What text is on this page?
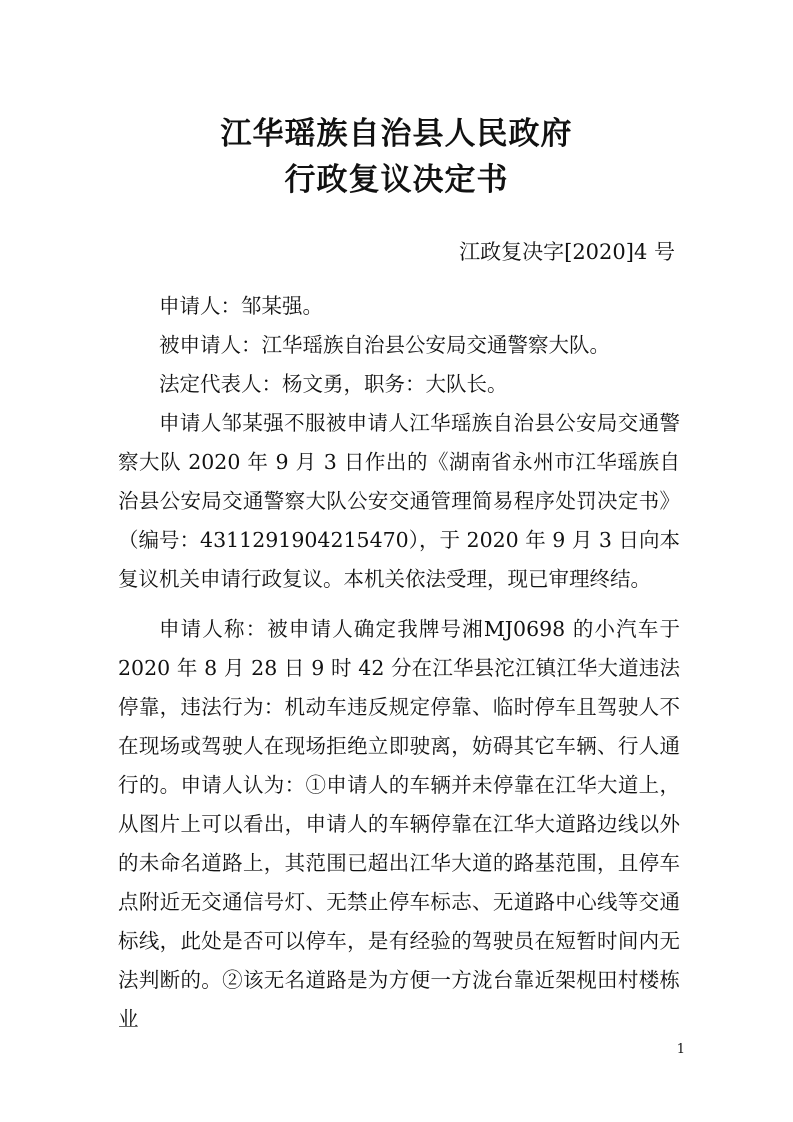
江华瑶族自治县人民政府
行政复议决定书

江政复决字[2020]4 号

申请人：邹某强。

被申请人：江华瑶族自治县公安局交通警察大队。

法定代表人：杨文勇，职务：大队长。

申请人邹某强不服被申请人江华瑶族自治县公安局交通警察大队 2020 年 9 月 3 日作出的《湖南省永州市江华瑶族自治县公安局交通警察大队公安交通管理简易程序处罚决定书》（编号：4311291904215470），于 2020 年 9 月 3 日向本复议机关申请行政复议。本机关依法受理，现已审理终结。

申请人称：被申请人确定我牌号湘MJ0698 的小汽车于 2020 年 8 月 28 日 9 时 42 分在江华县沱江镇江华大道违法停靠，违法行为：机动车违反规定停靠、临时停车且驾驶人不在现场或驾驶人在现场拒绝立即驶离，妨碍其它车辆、行人通行的。申请人认为：①申请人的车辆并未停靠在江华大道上，从图片上可以看出，申请人的车辆停靠在江华大道路边线以外的未命名道路上，其范围已超出江华大道的路基范围，且停车点附近无交通信号灯、无禁止停车标志、无道路中心线等交通标线，此处是否可以停车，是有经验的驾驶员在短暂时间内无法判断的。②该无名道路是为方便一方泷台靠近架枧田村楼栋业

1
